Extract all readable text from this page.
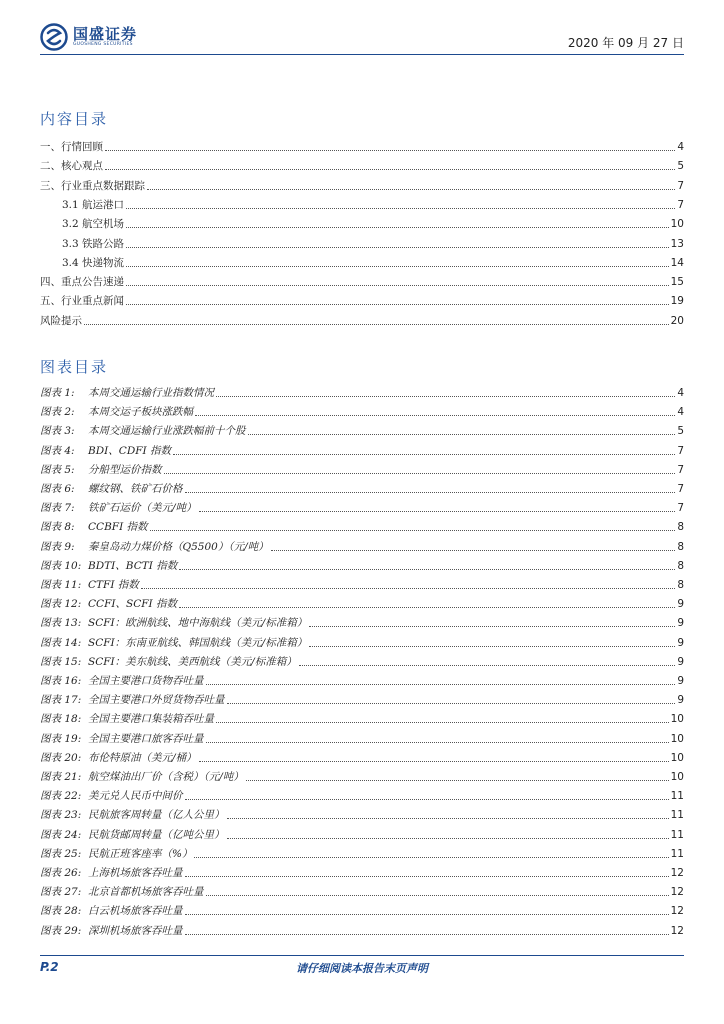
国盛证券
GUOSHENG SECURITIES	2020 年 09 月 27 日
内容目录
一、行情回顾	4
二、核心观点	5
三、行业重点数据跟踪	7
3.1 航运港口	7
3.2 航空机场	10
3.3 铁路公路	13
3.4 快递物流	14
四、重点公告速递	15
五、行业重点新闻	19
风险提示	20
图表目录
图表 1: 本周交通运输行业指数情况	4
图表 2: 本周交运子板块涨跌幅	4
图表 3: 本周交通运输行业涨跌幅前十个股	5
图表 4: BDI、CDFI 指数	7
图表 5: 分船型运价指数	7
图表 6: 螺纹钢、铁矿石价格	7
图表 7: 铁矿石运价（美元/吨）	7
图表 8: CCBFI 指数	8
图表 9: 秦皇岛动力煤价格（Q5500）（元/吨）	8
图表 10: BDTI、BCTI 指数	8
图表 11: CTFI 指数	8
图表 12: CCFI、SCFI 指数	9
图表 13: SCFI：欧洲航线、地中海航线（美元/标准箱）	9
图表 14: SCFI：东南亚航线、韩国航线（美元/标准箱）	9
图表 15: SCFI：美东航线、美西航线（美元/标准箱）	9
图表 16: 全国主要港口货物吞吐量	9
图表 17: 全国主要港口外贸货物吞吐量	9
图表 18: 全国主要港口集装箱吞吐量	10
图表 19: 全国主要港口旅客吞吐量	10
图表 20: 布伦特原油（美元/桶）	10
图表 21: 航空煤油出厂价（含税）（元/吨）	10
图表 22: 美元兑人民币中间价	11
图表 23: 民航旅客周转量（亿人公里）	11
图表 24: 民航货邮周转量（亿吨公里）	11
图表 25: 民航正班客座率（%）	11
图表 26: 上海机场旅客吞吐量	12
图表 27: 北京首都机场旅客吞吐量	12
图表 28: 白云机场旅客吞吐量	12
图表 29: 深圳机场旅客吞吐量	12
P.2	请仔细阅读本报告末页声明
